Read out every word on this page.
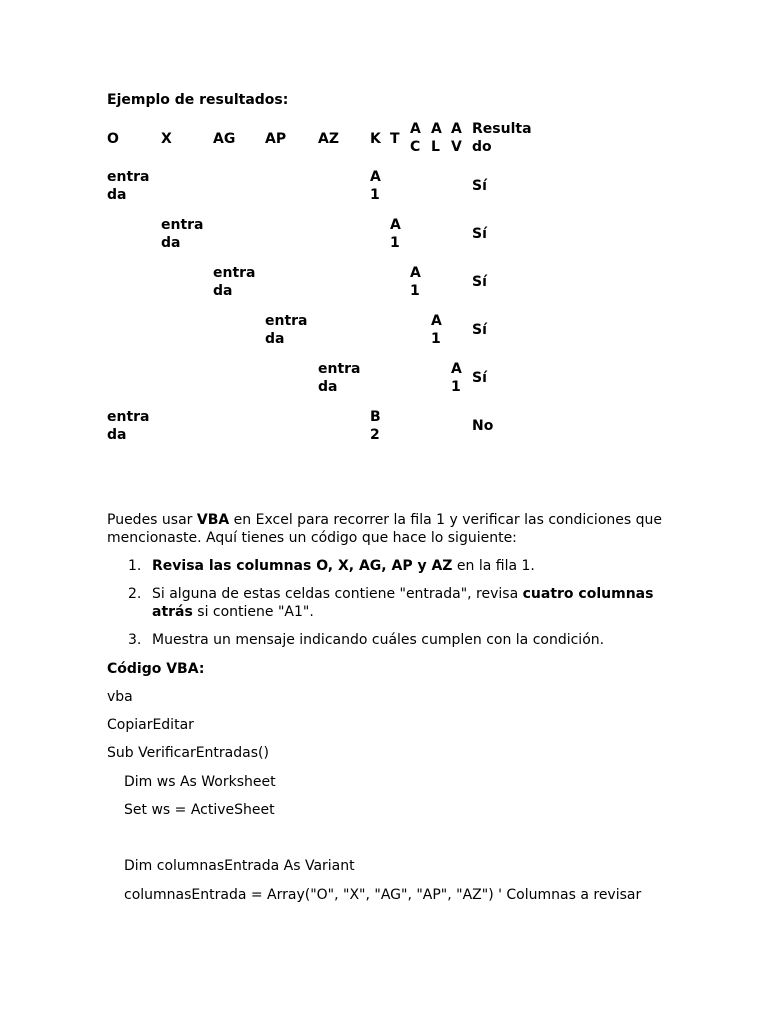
Ejemplo de resultados:
O	X	AG AP AZ K T
A
C
A
L
A
V
Resulta
do
entra
da
A
1
Sí
entra
da
A
1
Sí
entra
da
A
1
Sí
entra
da
A
1
Sí
entra
da
A
1
Sí
entra
da
B
2
No
Puedes usar VBA en Excel para recorrer la fila 1 y verificar las condiciones que mencionaste. Aquí tienes un código que hace lo siguiente:
1. Revisa las columnas O, X, AG, AP y AZ en la fila 1.
2. Si alguna de estas celdas contiene "entrada", revisa cuatro columnas atrás si contiene "A1".
3. Muestra un mensaje indicando cuáles cumplen con la condición.
Código VBA:
vba
CopiarEditar
Sub VerificarEntradas()
Dim ws As Worksheet
Set ws = ActiveSheet
Dim columnasEntrada As Variant
columnasEntrada = Array("O", "X", "AG", "AP", "AZ") ' Columnas a revisar
